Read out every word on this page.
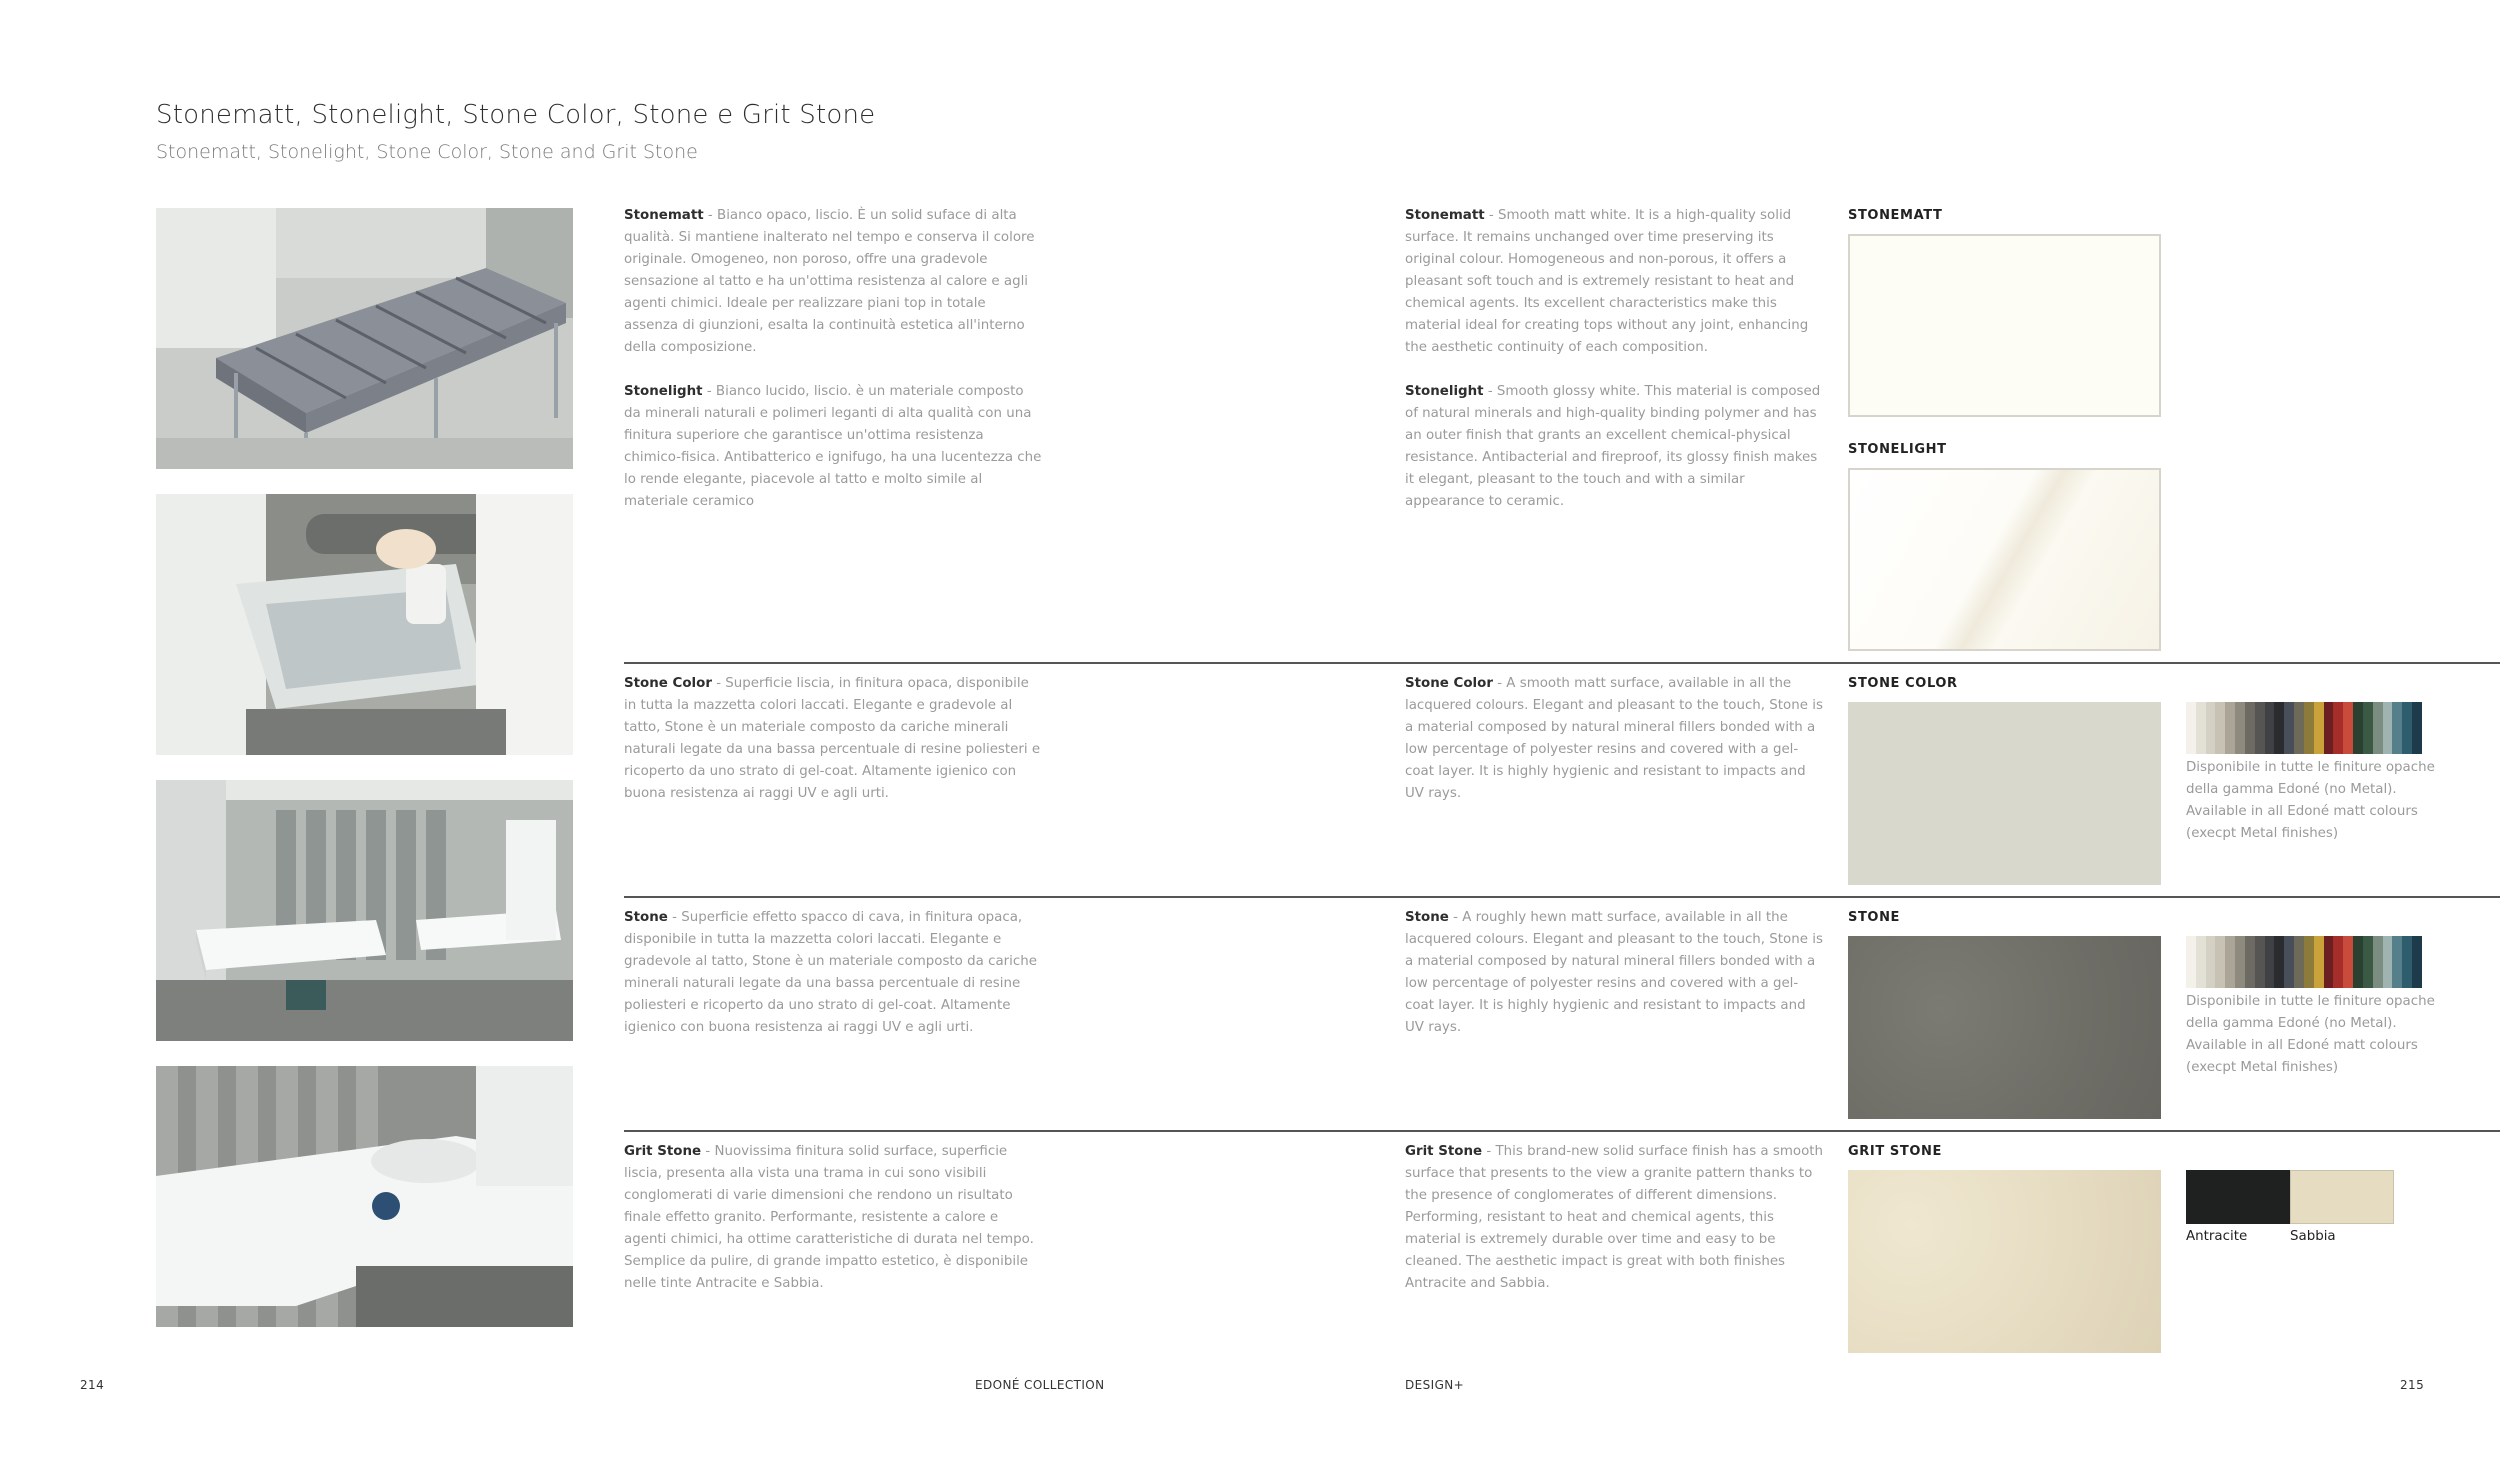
Stonematt, Stonelight, Stone Color, Stone e Grit Stone
Stonematt, Stonelight, Stone Color, Stone and Grit Stone
Stonematt - Bianco opaco, liscio. È un solid suface di alta qualità. Si mantiene inalterato nel tempo e conserva il colore originale. Omogeneo, non poroso, offre una gradevole sensazione al tatto e ha un'ottima resistenza al calore e agli agenti chimici. Ideale per realizzare piani top in totale assenza di giunzioni, esalta la continuità estetica all'interno della composizione.
Stonelight - Bianco lucido, liscio. è un materiale composto da minerali naturali e polimeri leganti di alta qualità con una finitura superiore che garantisce un'ottima resistenza chimico-fisica. Antibatterico e ignifugo, ha una lucentezza che lo rende elegante, piacevole al tatto e molto simile al materiale ceramico
Stone Color - Superficie liscia, in finitura opaca, disponibile in tutta la mazzetta colori laccati. Elegante e gradevole al tatto, Stone è un materiale composto da cariche minerali naturali legate da una bassa percentuale di resine poliesteri e ricoperto da uno strato di gel-coat. Altamente igienico con buona resistenza ai raggi UV e agli urti.
Stone - Superficie effetto spacco di cava, in finitura opaca, disponibile in tutta la mazzetta colori laccati. Elegante e gradevole al tatto, Stone è un materiale composto da cariche minerali naturali legate da una bassa percentuale di resine poliesteri e ricoperto da uno strato di gel-coat. Altamente igienico con buona resistenza ai raggi UV e agli urti.
Grit Stone - Nuovissima finitura solid surface, superficie liscia, presenta alla vista una trama in cui sono visibili conglomerati di varie dimensioni che rendono un risultato finale effetto granito. Performante, resistente a calore e agenti chimici, ha ottime caratteristiche di durata nel tempo. Semplice da pulire, di grande impatto estetico, è disponibile nelle tinte Antracite e Sabbia.
Stonematt - Smooth matt white. It is a high-quality solid surface. It remains unchanged over time preserving its original colour. Homogeneous and non-porous, it offers a pleasant soft touch and is extremely resistant to heat and chemical agents. Its excellent characteristics make this material ideal for creating tops without any joint, enhancing the aesthetic continuity of each composition.
Stonelight - Smooth glossy white. This material is composed of natural minerals and high-quality binding polymer and has an outer finish that grants an excellent chemical-physical resistance. Antibacterial and fireproof, its glossy finish makes it elegant, pleasant to the touch and with a similar appearance to ceramic.
Stone Color - A smooth matt surface, available in all the lacquered colours. Elegant and pleasant to the touch, Stone is a material composed by natural mineral fillers bonded with a low percentage of polyester resins and covered with a gel-coat layer. It is highly hygienic and resistant to impacts and UV rays.
Stone - A roughly hewn matt surface, available in all the lacquered colours. Elegant and pleasant to the touch, Stone is a material composed by natural mineral fillers bonded with a low percentage of polyester resins and covered with a gel-coat layer. It is highly hygienic and resistant to impacts and UV rays.
Grit Stone - This brand-new solid surface finish has a smooth surface that presents to the view a granite pattern thanks to the presence of conglomerates of different dimensions. Performing, resistant to heat and chemical agents, this material is extremely durable over time and easy to be cleaned. The aesthetic impact is great with both finishes Antracite and Sabbia.
STONEMATT
STONELIGHT
STONE COLOR
STONE
GRIT STONE
Disponibile in tutte le finiture opache della gamma Edoné (no Metal).
Available in all Edoné matt colours (execpt Metal finishes)
Disponibile in tutte le finiture opache della gamma Edoné (no Metal).
Available in all Edoné matt colours (execpt Metal finishes)
Antracite	Sabbia
214	EDONÉ COLLECTION	DESIGN+	215
